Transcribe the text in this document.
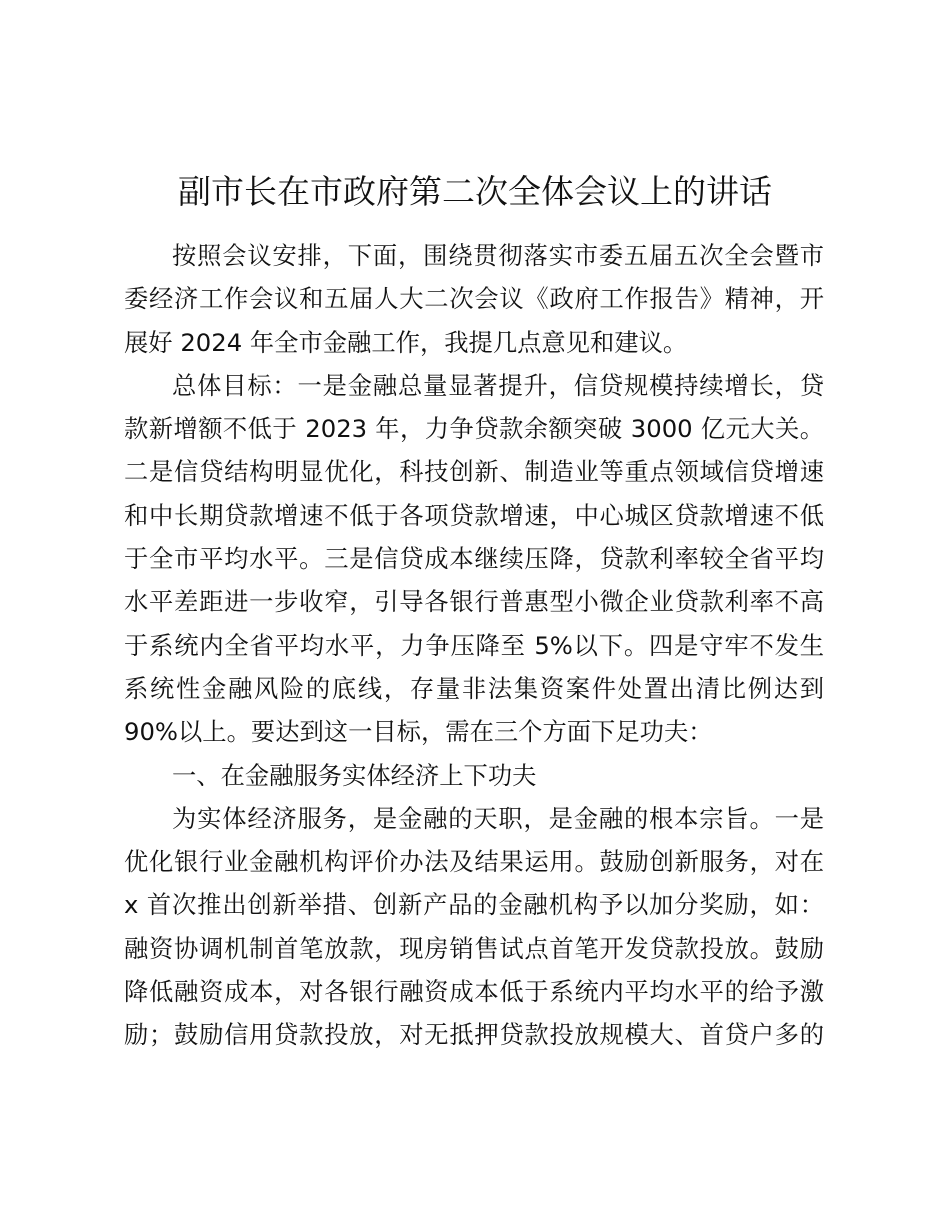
副市长在市政府第二次全体会议上的讲话
按照会议安排，下面，围绕贯彻落实市委五届五次全会暨市
委经济工作会议和五届人大二次会议《政府工作报告》精神，开
展好 2024 年全市金融工作，我提几点意见和建议。
总体目标：一是金融总量显著提升，信贷规模持续增长，贷
款新增额不低于 2023 年，力争贷款余额突破 3000 亿元大关。
二是信贷结构明显优化，科技创新、制造业等重点领域信贷增速
和中长期贷款增速不低于各项贷款增速，中心城区贷款增速不低
于全市平均水平。三是信贷成本继续压降，贷款利率较全省平均
水平差距进一步收窄，引导各银行普惠型小微企业贷款利率不高
于系统内全省平均水平，力争压降至 5%以下。四是守牢不发生
系统性金融风险的底线，存量非法集资案件处置出清比例达到
90%以上。要达到这一目标，需在三个方面下足功夫：
一、在金融服务实体经济上下功夫
为实体经济服务，是金融的天职，是金融的根本宗旨。一是
优化银行业金融机构评价办法及结果运用。鼓励创新服务，对在
x 首次推出创新举措、创新产品的金融机构予以加分奖励，如：
融资协调机制首笔放款，现房销售试点首笔开发贷款投放。鼓励
降低融资成本，对各银行融资成本低于系统内平均水平的给予激
励；鼓励信用贷款投放，对无抵押贷款投放规模大、首贷户多的
